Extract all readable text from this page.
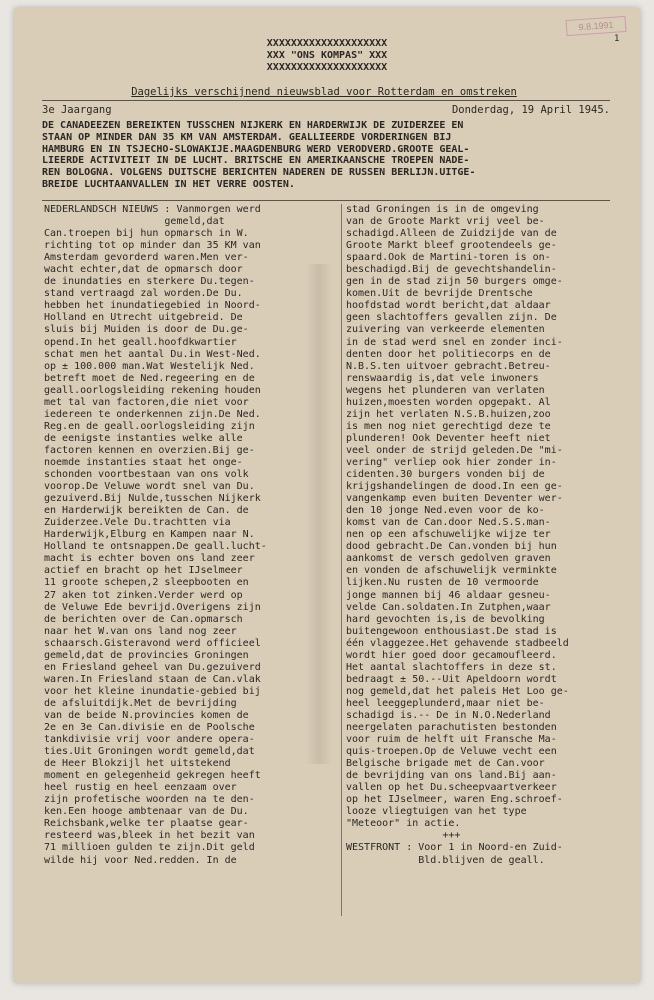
9.8.1991
1
XXXXXXXXXXXXXXXXXXXX
XXX "ONS KOMPAS" XXX
XXXXXXXXXXXXXXXXXXXX
Dagelijks verschijnend nieuwsblad voor Rotterdam en omstreken
3e Jaargang	Donderdag, 19 April 1945.
DE CANADEEZEN BEREIKTEN TUSSCHEN NIJKERK EN HARDERWIJK DE ZUIDERZEE EN
STAAN OP MINDER DAN 35 KM VAN AMSTERDAM. GEALLIEERDE VORDERINGEN BIJ
HAMBURG EN IN TSJECHO-SLOWAKIJE.MAAGDENBURG WERD VERODVERD.GROOTE GEAL-
LIEERDE ACTIVITEIT IN DE LUCHT. BRITSCHE EN AMERIKAANSCHE TROEPEN NADE-
REN BOLOGNA. VOLGENS DUITSCHE BERICHTEN NADEREN DE RUSSEN BERLIJN.UITGE-
BREIDE LUCHTAANVALLEN IN HET VERRE OOSTEN.
NEDERLANDSCH NIEUWS : Vanmorgen werd
gemeld,dat
Can.troepen bij hun opmarsch in W.
richting tot op minder dan 35 KM van
Amsterdam gevorderd waren.Men ver-
wacht echter,dat de opmarsch door
de inundaties en sterkere Du.tegen-
stand vertraagd zal worden.De Du.
hebben het inundatiegebied in Noord-
Holland en Utrecht uitgebreid. De
sluis bij Muiden is door de Du.ge-
opend.In het geall.hoofdkwartier
schat men het aantal Du.in West-Ned.
op ± 100.000 man.Wat Westelijk Ned.
betreft moet de Ned.regeering en de
geall.oorlogsleiding rekening houden
met tal van factoren,die niet voor
iedereen te onderkennen zijn.De Ned.
Reg.en de geall.oorlogsleiding zijn
de eenigste instanties welke alle
factoren kennen en overzien.Bij ge-
noemde instanties staat het onge-
schonden voortbestaan van ons volk
voorop.De Veluwe wordt snel van Du.
gezuiverd.Bij Nulde,tusschen Nijkerk
en Harderwijk bereikten de Can. de
Zuiderzee.Vele Du.trachtten via
Harderwijk,Elburg en Kampen naar N.
Holland te ontsnappen.De geall.lucht-
macht is echter boven ons land zeer
actief en bracht op het IJselmeer
11 groote schepen,2 sleepbooten en
27 aken tot zinken.Verder werd op
de Veluwe Ede bevrijd.Overigens zijn
de berichten over de Can.opmarsch
naar het W.van ons land nog zeer
schaarsch.Gisteravond werd officieel
gemeld,dat de provincies Groningen
en Friesland geheel van Du.gezuiverd
waren.In Friesland staan de Can.vlak
voor het kleine inundatie-gebied bij
de afsluitdijk.Met de bevrijding
van de beide N.provincies komen de
2e en 3e Can.divisie en de Poolsche
tankdivisie vrij voor andere opera-
ties.Uit Groningen wordt gemeld,dat
de Heer Blokzijl het uitstekend
moment en gelegenheid gekregen heeft
heel rustig en heel eenzaam over
zijn profetische woorden na te den-
ken.Een hooge ambtenaar van de Du.
Reichsbank,welke ter plaatse gear-
resteerd was,bleek in het bezit van
71 millioen gulden te zijn.Dit geld
wilde hij voor Ned.redden. In de
stad Groningen is in de omgeving
van de Groote Markt vrij veel be-
schadigd.Alleen de Zuidzijde van de
Groote Markt bleef grootendeels ge-
spaard.Ook de Martini-toren is on-
beschadigd.Bij de gevechtshandelin-
gen in de stad zijn 50 burgers omge-
komen.Uit de bevrijde Drentsche
hoofdstad wordt bericht,dat aldaar
geen slachtoffers gevallen zijn. De
zuivering van verkeerde elementen
in de stad werd snel en zonder inci-
denten door het politiecorps en de
N.B.S.ten uitvoer gebracht.Betreu-
renswaardig is,dat vele inwoners
wegens het plunderen van verlaten
huizen,moesten worden opgepakt. Al
zijn het verlaten N.S.B.huizen,zoo
is men nog niet gerechtigd deze te
plunderen! Ook Deventer heeft niet
veel onder de strijd geleden.De "mi-
vering" verliep ook hier zonder in-
cidenten.30 burgers vonden bij de
krijgshandelingen de dood.In een ge-
vangenkamp even buiten Deventer wer-
den 10 jonge Ned.even voor de ko-
komst van de Can.door Ned.S.S.man-
nen op een afschuwelijke wijze ter
dood gebracht.De Can.vonden bij hun
aankomst de versch gedolven graven
en vonden de afschuwelijk verminkte
lijken.Nu rusten de 10 vermoorde
jonge mannen bij 46 aldaar gesneu-
velde Can.soldaten.In Zutphen,waar
hard gevochten is,is de bevolking
buitengewoon enthousiast.De stad is
één vlaggezee.Het gehavende stadbeeld
wordt hier goed door gecamoufleerd.
Het aantal slachtoffers in deze st.
bedraagt ± 50.--Uit Apeldoorn wordt
nog gemeld,dat het paleis Het Loo ge-
heel leeggeplunderd,maar niet be-
schadigd is.-- De in N.O.Nederland
neergelaten parachutisten bestonden
voor ruim de helft uit Fransche Ma-
quis-troepen.Op de Veluwe vecht een
Belgische brigade met de Can.voor
de bevrijding van ons land.Bij aan-
vallen op het Du.scheepvaartverkeer
op het IJselmeer, waren Eng.schroef-
looze vliegtuigen van het type
"Meteoor" in actie.
+++
WESTFRONT : Voor 1 in Noord-en Zuid-
Bld.blijven de geall.
